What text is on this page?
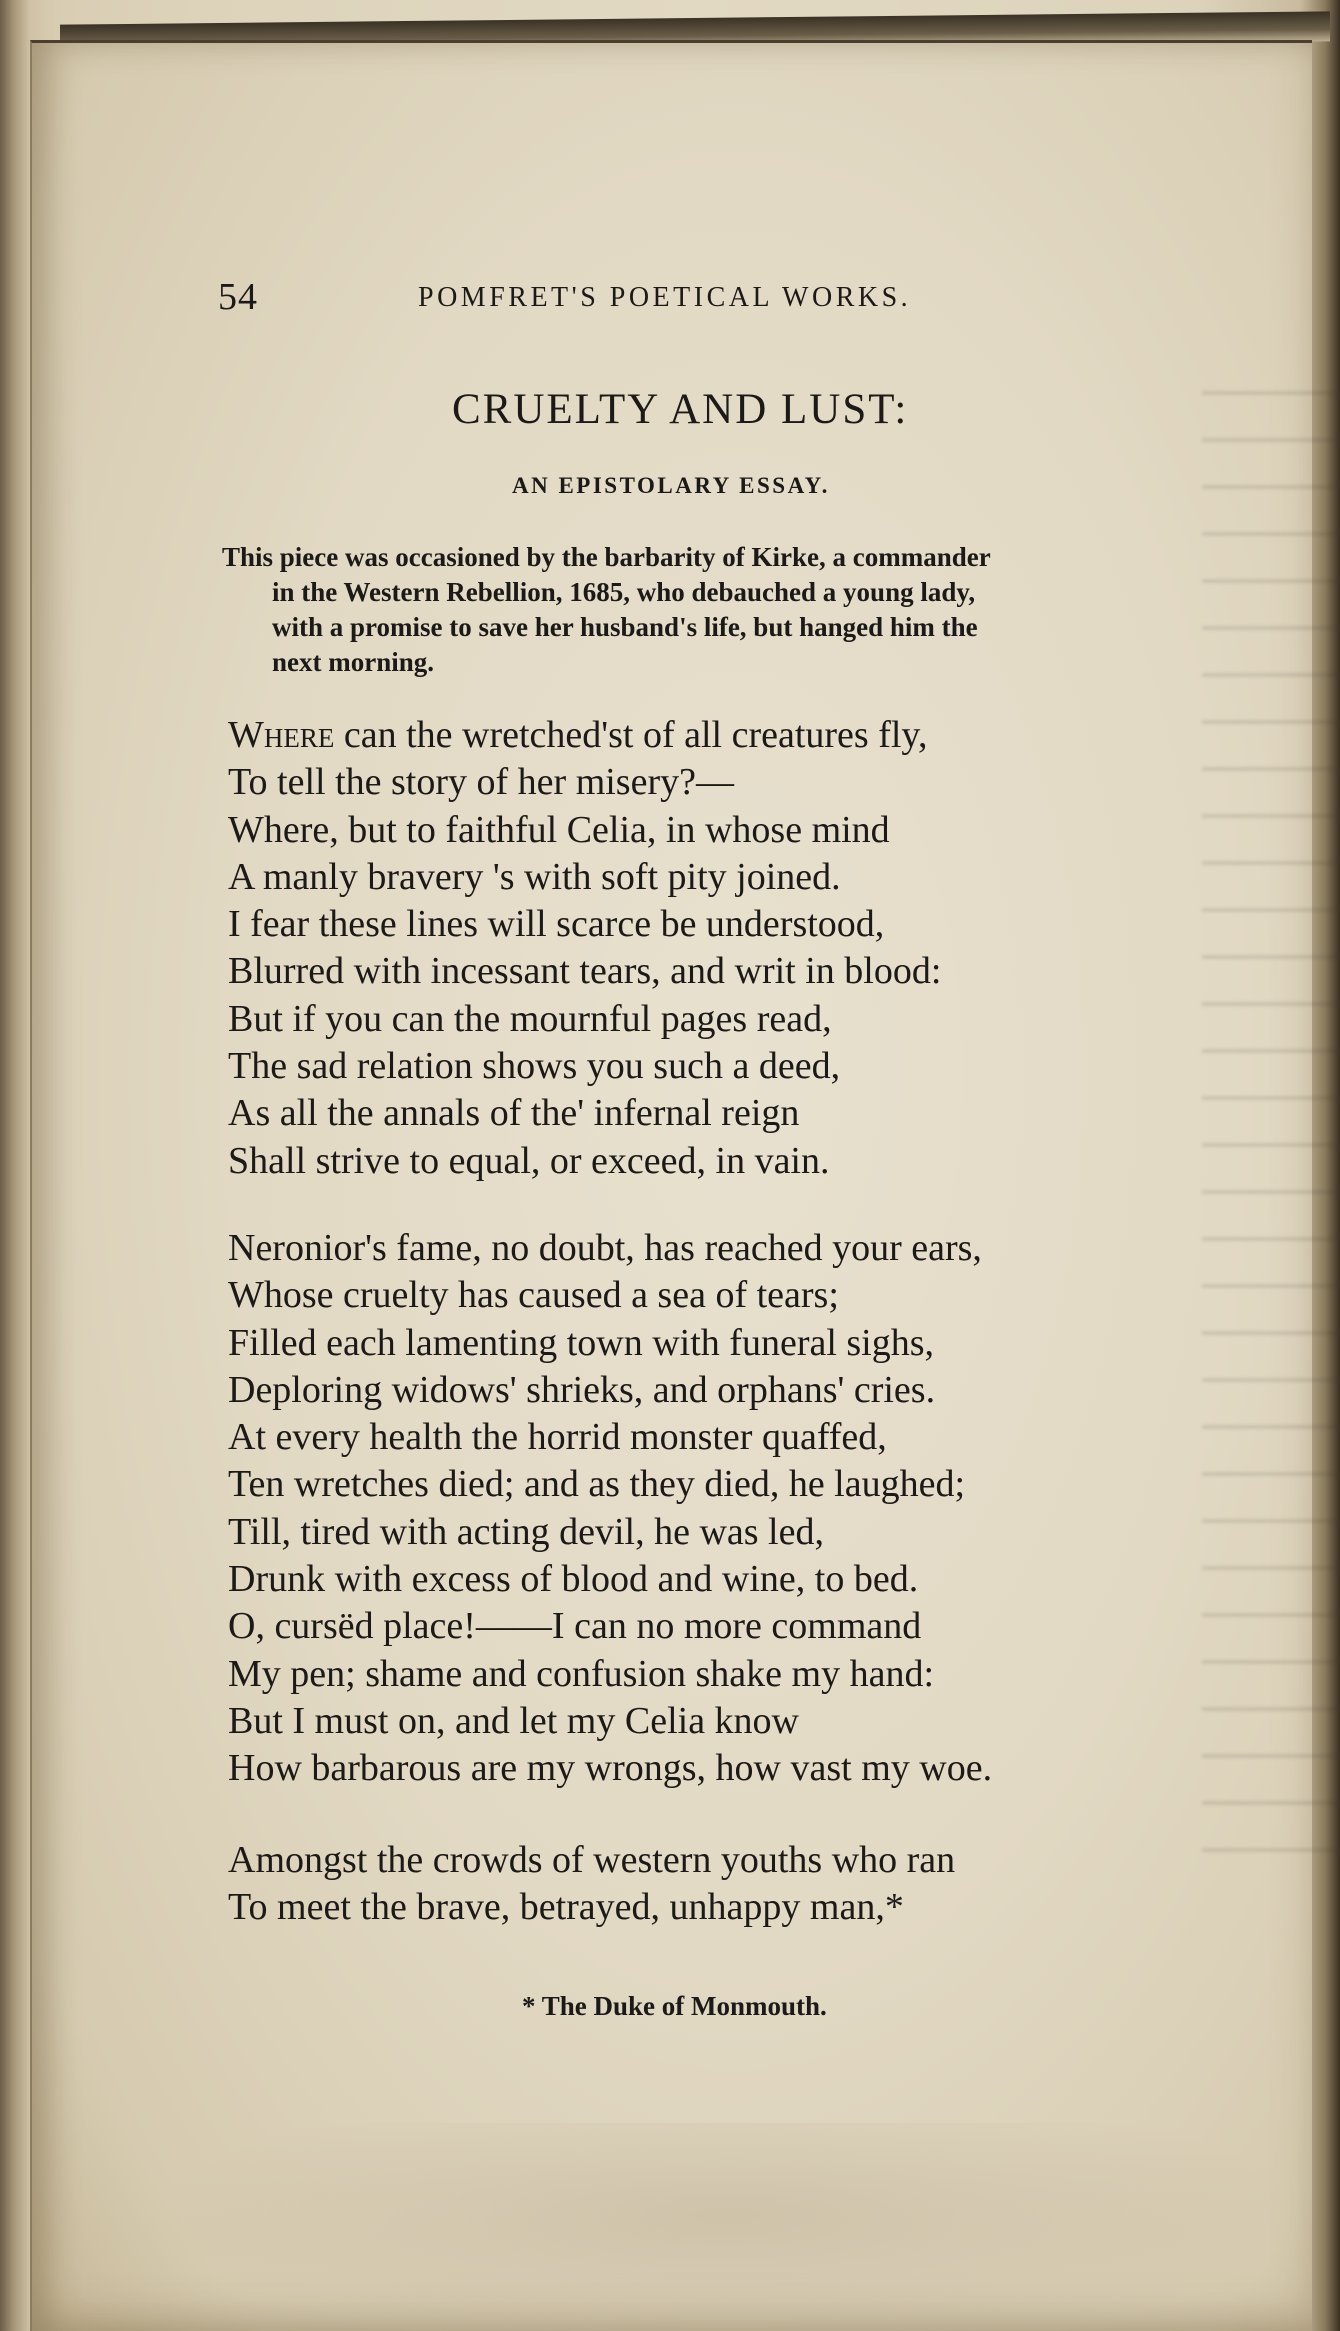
54	POMFRET'S POETICAL WORKS.
CRUELTY AND LUST:
AN EPISTOLARY ESSAY.
This piece was occasioned by the barbarity of Kirke, a commander
in the Western Rebellion, 1685, who debauched a young lady,
with a promise to save her husband's life, but hanged him the
next morning.
Where can the wretched'st of all creatures fly,
To tell the story of her misery?—
Where, but to faithful Celia, in whose mind
A manly bravery 's with soft pity joined.
I fear these lines will scarce be understood,
Blurred with incessant tears, and writ in blood:
But if you can the mournful pages read,
The sad relation shows you such a deed,
As all the annals of the' infernal reign
Shall strive to equal, or exceed, in vain.
Neronior's fame, no doubt, has reached your ears,
Whose cruelty has caused a sea of tears;
Filled each lamenting town with funeral sighs,
Deploring widows' shrieks, and orphans' cries.
At every health the horrid monster quaffed,
Ten wretches died; and as they died, he laughed;
Till, tired with acting devil, he was led,
Drunk with excess of blood and wine, to bed.
O, cursëd place!——I can no more command
My pen; shame and confusion shake my hand:
But I must on, and let my Celia know
How barbarous are my wrongs, how vast my woe.
Amongst the crowds of western youths who ran
To meet the brave, betrayed, unhappy man,*
* The Duke of Monmouth.
